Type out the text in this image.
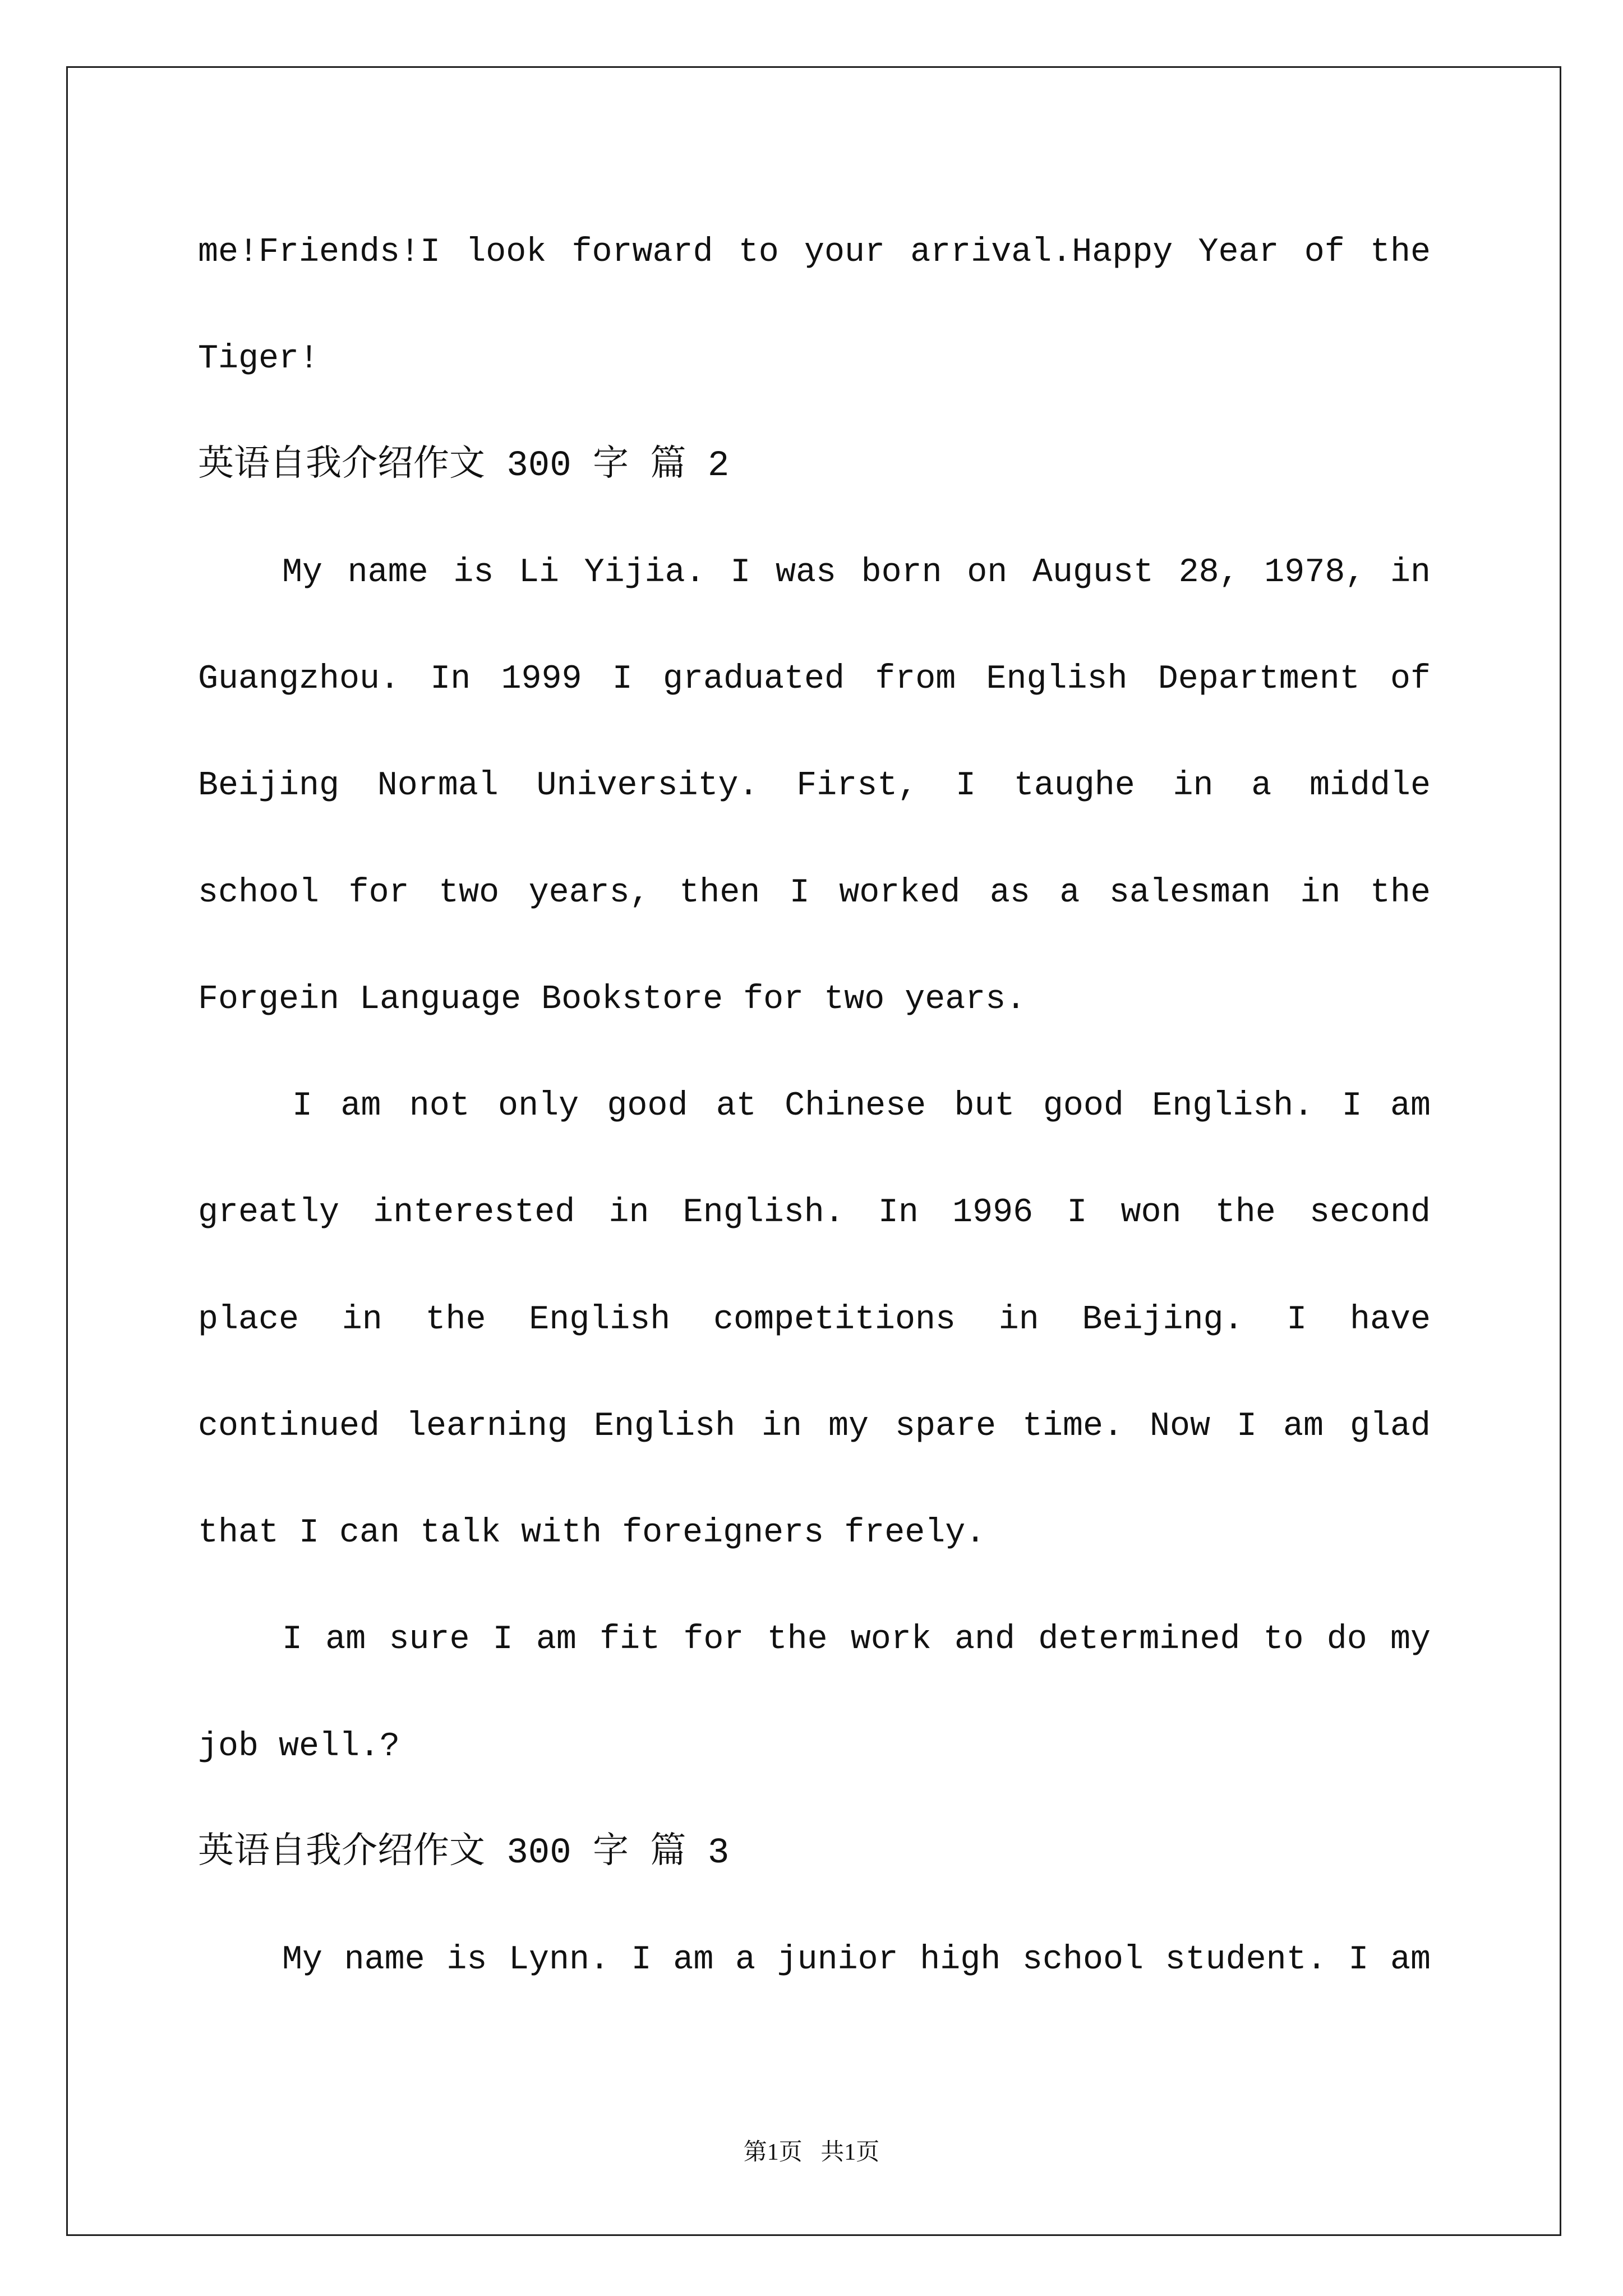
me!Friends!I look forward to your arrival.Happy Year of the
Tiger!
英语自我介绍作文 300 字 篇 2
My name is Li Yijia. I was born on August 28, 1978, in
Guangzhou. In 1999 I graduated from English Department of
Beijing Normal University. First, I taughe in a middle
school for two years, then I worked as a salesman in the
Forgein Language Bookstore for two years.
I am not only good at Chinese but good English. I am
greatly interested in English. In 1996 I won the second
place in the English competitions in Beijing. I have
continued learning English in my spare time. Now I am glad
that I can talk with foreigners freely.
I am sure I am fit for the work and determined to do my
job well.?
英语自我介绍作文 300 字 篇 3
My name is Lynn. I am a junior high school student. I am
第1页 共1页
